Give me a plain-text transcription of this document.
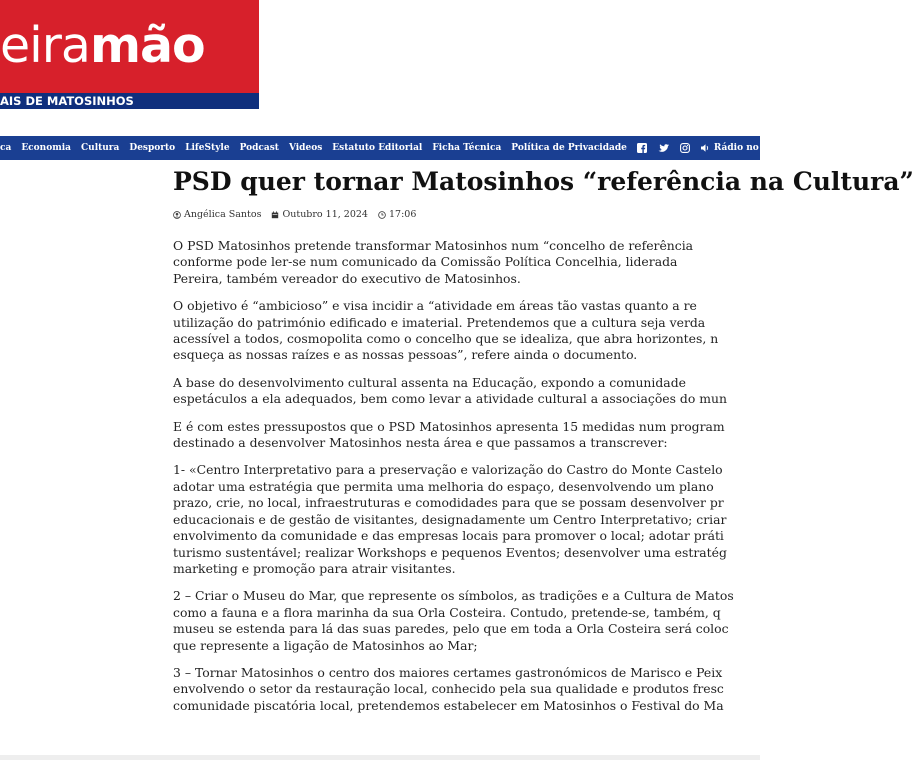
eiramão
AIS DE MATOSINHOS
ca Economia Cultura Desporto LifeStyle Podcast Videos Estatuto Editorial Ficha Técnica Política de Privacidade	Rádio no Ar	XL
PSD quer tornar Matosinhos “referência na Cultura”
Angélica Santos Outubro 11, 2024 17:06

O PSD Matosinhos pretende transformar Matosinhos num “concelho de referência
conforme pode ler-se num comunicado da Comissão Política Concelhia, liderada
Pereira, também vereador do executivo de Matosinhos.

O objetivo é “ambicioso” e visa incidir a “atividade em áreas tão vastas quanto a re
utilização do património edificado e imaterial. Pretendemos que a cultura seja verda
acessível a todos, cosmopolita como o concelho que se idealiza, que abra horizontes, n
esqueça as nossas raízes e as nossas pessoas”, refere ainda o documento.

A base do desenvolvimento cultural assenta na Educação, expondo a comunidade
espetáculos a ela adequados, bem como levar a atividade cultural a associações do mun

E é com estes pressupostos que o PSD Matosinhos apresenta 15 medidas num program
destinado a desenvolver Matosinhos nesta área e que passamos a transcrever:

1- «Centro Interpretativo para a preservação e valorização do Castro do Monte Castelo
adotar uma estratégia que permita uma melhoria do espaço, desenvolvendo um plano
prazo, crie, no local, infraestruturas e comodidades para que se possam desenvolver pr
educacionais e de gestão de visitantes, designadamente um Centro Interpretativo; criar
envolvimento da comunidade e das empresas locais para promover o local; adotar práti
turismo sustentável; realizar Workshops e pequenos Eventos; desenvolver uma estratég
marketing e promoção para atrair visitantes.

2 – Criar o Museu do Mar, que represente os símbolos, as tradições e a Cultura de Matos
como a fauna e a flora marinha da sua Orla Costeira. Contudo, pretende-se, também, q
museu se estenda para lá das suas paredes, pelo que em toda a Orla Costeira será coloc
que represente a ligação de Matosinhos ao Mar;

3 – Tornar Matosinhos o centro dos maiores certames gastronómicos de Marisco e Peix
envolvendo o setor da restauração local, conhecido pela sua qualidade e produtos fresc
comunidade piscatória local, pretendemos estabelecer em Matosinhos o Festival do Ma
